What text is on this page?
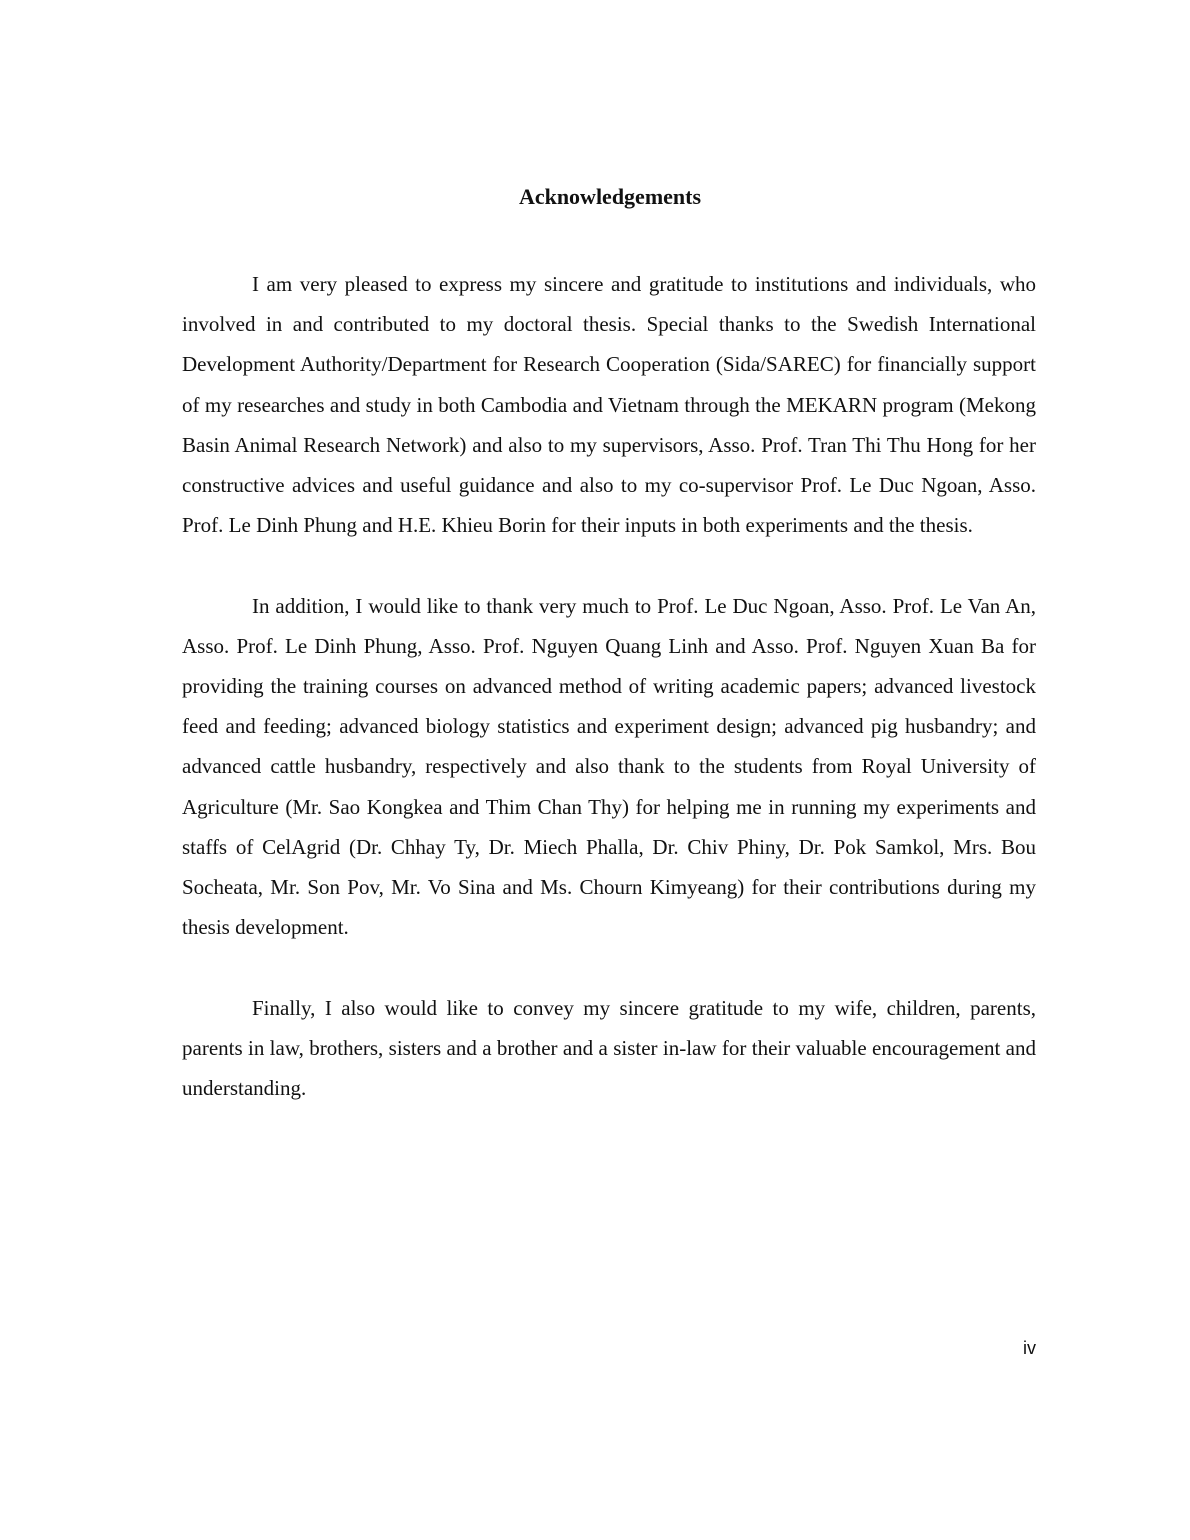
Acknowledgements

I am very pleased to express my sincere and gratitude to institutions and individuals, who involved in and contributed to my doctoral thesis. Special thanks to the Swedish International Development Authority/Department for Research Cooperation (Sida/SAREC) for financially support of my researches and study in both Cambodia and Vietnam through the MEKARN program (Mekong Basin Animal Research Network) and also to my supervisors, Asso. Prof. Tran Thi Thu Hong for her constructive advices and useful guidance and also to my co-supervisor Prof. Le Duc Ngoan, Asso. Prof. Le Dinh Phung and H.E. Khieu Borin for their inputs in both experiments and the thesis.

In addition, I would like to thank very much to Prof. Le Duc Ngoan, Asso. Prof. Le Van An, Asso. Prof. Le Dinh Phung, Asso. Prof. Nguyen Quang Linh and Asso. Prof. Nguyen Xuan Ba for providing the training courses on advanced method of writing academic papers; advanced livestock feed and feeding; advanced biology statistics and experiment design; advanced pig husbandry; and advanced cattle husbandry, respectively and also thank to the students from Royal University of Agriculture (Mr. Sao Kongkea and Thim Chan Thy) for helping me in running my experiments and staffs of CelAgrid (Dr. Chhay Ty, Dr. Miech Phalla, Dr. Chiv Phiny, Dr. Pok Samkol, Mrs. Bou Socheata, Mr. Son Pov, Mr. Vo Sina and Ms. Chourn Kimyeang) for their contributions during my thesis development.

Finally, I also would like to convey my sincere gratitude to my wife, children, parents, parents in law, brothers, sisters and a brother and a sister in-law for their valuable encouragement and understanding.

iv
